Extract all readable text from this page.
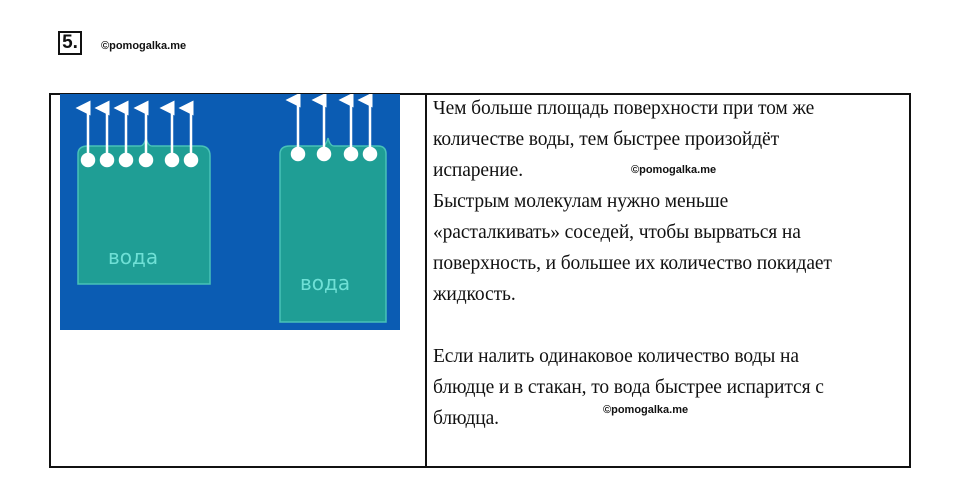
5.	©pomogalka.me
вода
вода

Чем больше площадь поверхности при том же

количестве воды, тем быстрее произойдёт

испарение.

Быстрым молекулам нужно меньше

«расталкивать» соседей, чтобы вырваться на

поверхность, и большее их количество покидает

жидкость.

Если налить одинаковое количество воды на

блюдце и в стакан, то вода быстрее испарится с

блюдца.

©pomogalka.me
©pomogalka.me
